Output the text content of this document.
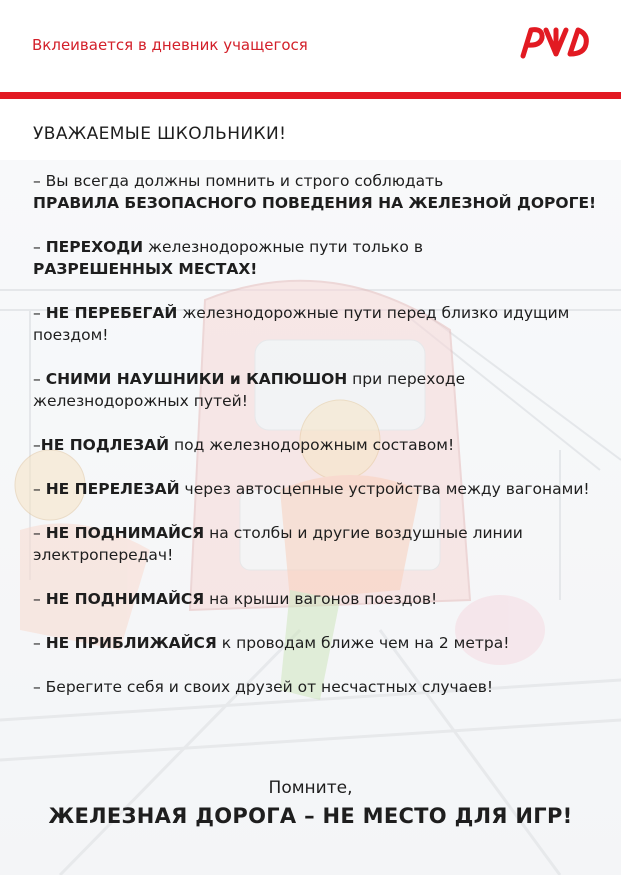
Вклеивается в дневник учащегося
УВАЖАЕМЫЕ ШКОЛЬНИКИ!

– Вы всегда должны помнить и строго соблюдать
ПРАВИЛА БЕЗОПАСНОГО ПОВЕДЕНИЯ НА ЖЕЛЕЗНОЙ ДОРОГЕ!

– ПЕРЕХОДИ железнодорожные пути только в
РАЗРЕШЕННЫХ МЕСТАХ!

– НЕ ПЕРЕБЕГАЙ железнодорожные пути перед близко идущим поездом!

– СНИМИ НАУШНИКИ и КАПЮШОН при переходе железнодорожных путей!

–НЕ ПОДЛЕЗАЙ под железнодорожным составом!

– НЕ ПЕРЕЛЕЗАЙ через автосцепные устройства между вагонами!

– НЕ ПОДНИМАЙСЯ на столбы и другие воздушные линии электропередач!

– НЕ ПОДНИМАЙСЯ на крыши вагонов поездов!

– НЕ ПРИБЛИЖАЙСЯ к проводам ближе чем на 2 метра!

– Берегите себя и своих друзей от несчастных случаев!

Помните,
ЖЕЛЕЗНАЯ ДОРОГА – НЕ МЕСТО ДЛЯ ИГР!
